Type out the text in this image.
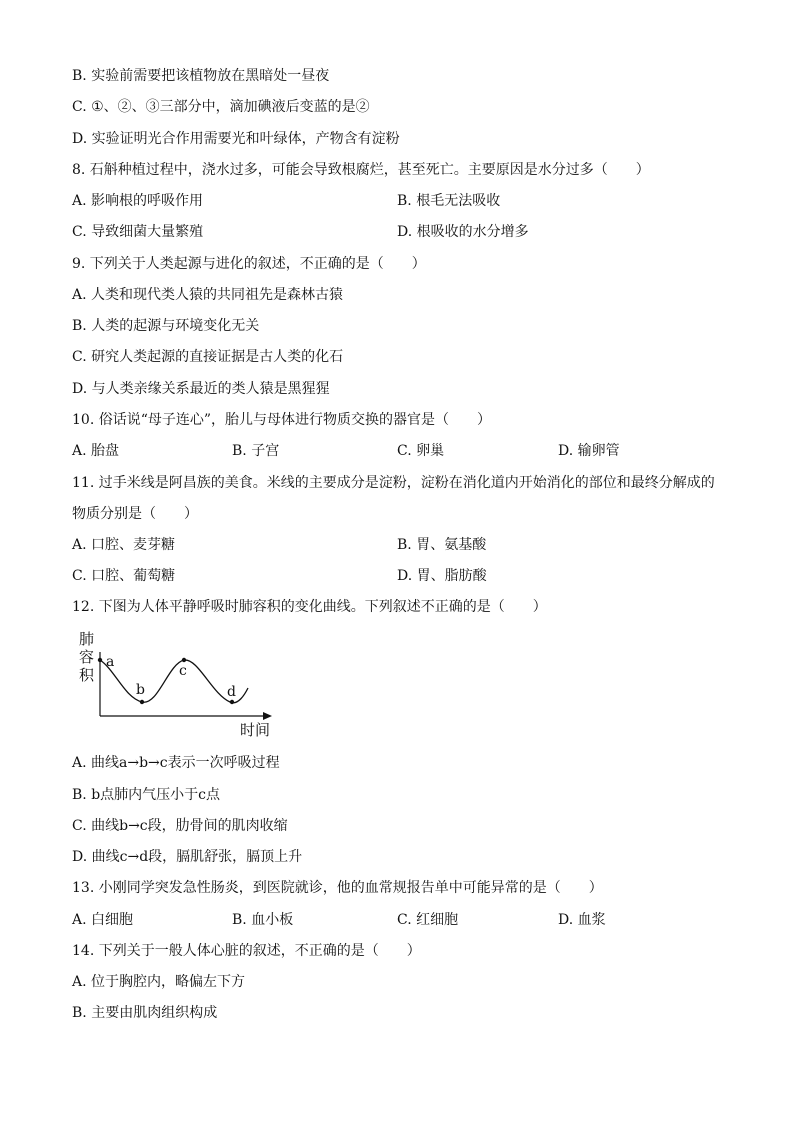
B. 实验前需要把该植物放在黑暗处一昼夜
C. ①、②、③三部分中，滴加碘液后变蓝的是②
D. 实验证明光合作用需要光和叶绿体，产物含有淀粉
8. 石斛种植过程中，浇水过多，可能会导致根腐烂，甚至死亡。主要原因是水分过多（　　）
A. 影响根的呼吸作用	B. 根毛无法吸收
C. 导致细菌大量繁殖	D. 根吸收的水分增多
9. 下列关于人类起源与进化的叙述，不正确的是（　　）
A. 人类和现代类人猿的共同祖先是森林古猿
B. 人类的起源与环境变化无关
C. 研究人类起源的直接证据是古人类的化石
D. 与人类亲缘关系最近的类人猿是黑猩猩
10. 俗话说“母子连心”，胎儿与母体进行物质交换的器官是（　　）
A. 胎盘	B. 子宫	C. 卵巢	D. 输卵管
11. 过手米线是阿昌族的美食。米线的主要成分是淀粉，淀粉在消化道内开始消化的部位和最终分解成的
物质分别是（　　）
A. 口腔、麦芽糖	B. 胃、氨基酸
C. 口腔、葡萄糖	D. 胃、脂肪酸
12. 下图为人体平静呼吸时肺容积的变化曲线。下列叙述不正确的是（　　）
肺
容
积
a
b
c
d
时间
A. 曲线a→b→c表示一次呼吸过程
B. b点肺内气压小于c点
C. 曲线b→c段，肋骨间的肌肉收缩
D. 曲线c→d段，膈肌舒张，膈顶上升
13. 小刚同学突发急性肠炎，到医院就诊，他的血常规报告单中可能异常的是（　　）
A. 白细胞	B. 血小板	C. 红细胞	D. 血浆
14. 下列关于一般人体心脏的叙述，不正确的是（　　）
A. 位于胸腔内，略偏左下方
B. 主要由肌肉组织构成
